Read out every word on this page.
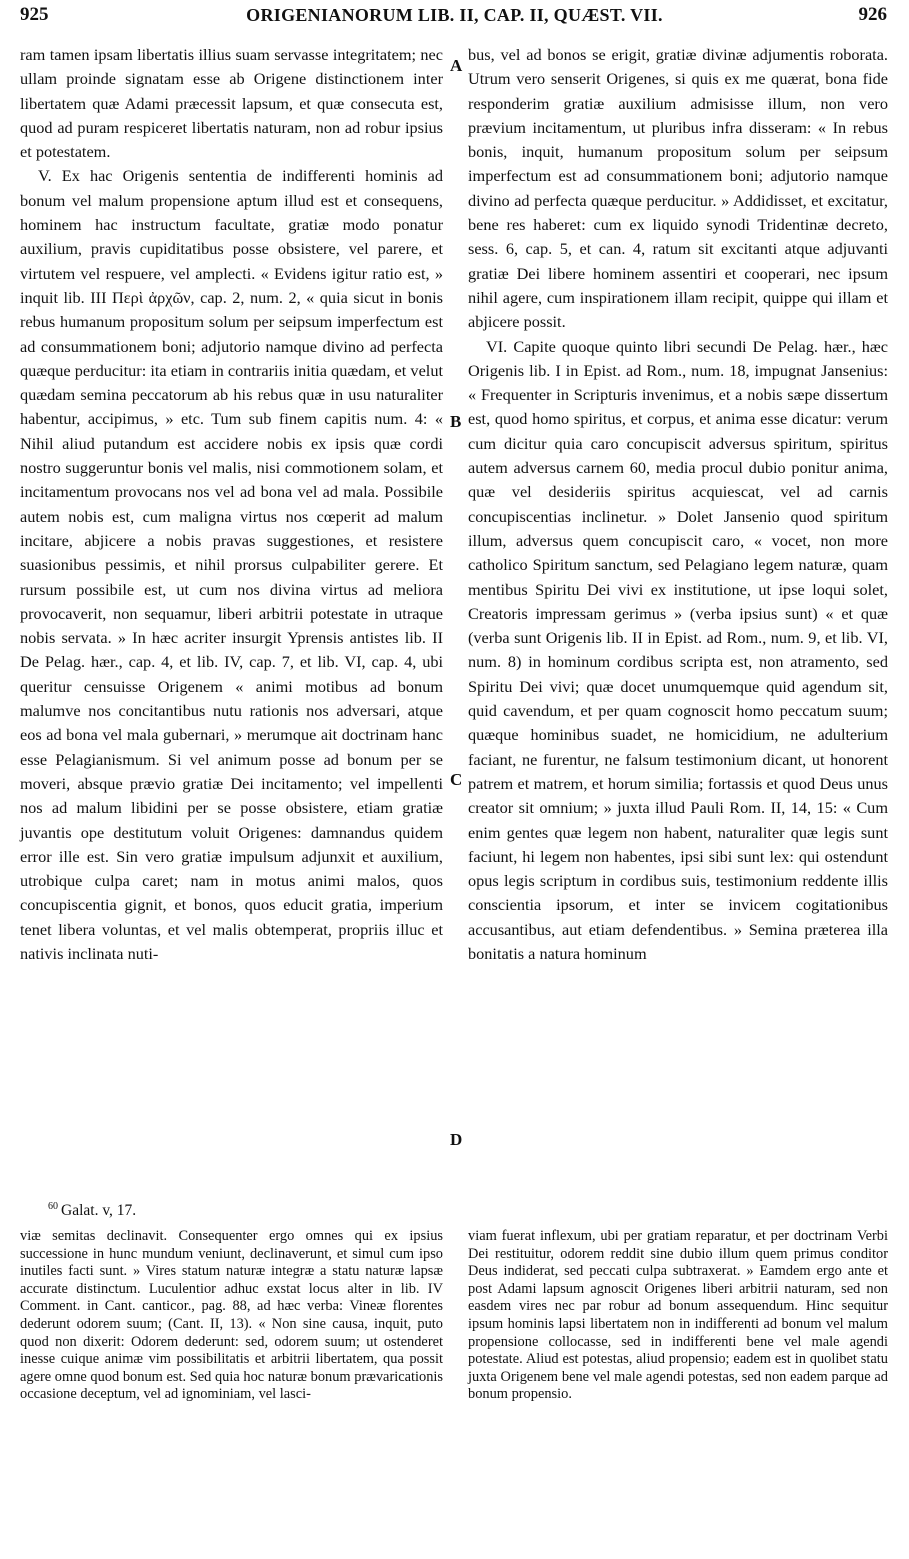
925	ORIGENIANORUM LIB. II, CAP. II, QUÆST. VII.	926

ram tamen ipsam libertatis illius suam servasse integritatem; nec ullam proinde signatam esse ab Origene distinctionem inter libertatem quæ Adami præcessit lapsum, et quæ consecuta est, quod ad puram respiceret libertatis naturam, non ad robur ipsius et potestatem.

V. Ex hac Origenis sententia de indifferenti hominis ad bonum vel malum propensione aptum illud est et consequens, hominem hac instructum facultate, gratiæ modo ponatur auxilium, pravis cupiditatibus posse obsistere, vel parere, et virtutem vel respuere, vel amplecti. « Evidens igitur ratio est, » inquit lib. III Περὶ ἀρχῶν, cap. 2, num. 2, « quia sicut in bonis rebus humanum propositum solum per seipsum imperfectum est ad consummationem boni; adjutorio namque divino ad perfecta quæque perducitur: ita etiam in contrariis initia quædam, et velut quædam semina peccatorum ab his rebus quæ in usu naturaliter habentur, accipimus, » etc. Tum sub finem capitis num. 4: « Nihil aliud putandum est accidere nobis ex ipsis quæ cordi nostro suggeruntur bonis vel malis, nisi commotionem solam, et incitamentum provocans nos vel ad bona vel ad mala. Possibile autem nobis est, cum maligna virtus nos cœperit ad malum incitare, abjicere a nobis pravas suggestiones, et resistere suasionibus pessimis, et nihil prorsus culpabiliter gerere. Et rursum possibile est, ut cum nos divina virtus ad meliora provocaverit, non sequamur, liberi arbitrii potestate in utraque nobis servata. » In hæc acriter insurgit Yprensis antistes lib. II De Pelag. hær., cap. 4, et lib. IV, cap. 7, et lib. VI, cap. 4, ubi queritur censuisse Origenem « animi motibus ad bonum malumve nos concitantibus nutu rationis nos adversari, atque eos ad bona vel mala gubernari, » merumque ait doctrinam hanc esse Pelagianismum. Si vel animum posse ad bonum per se moveri, absque prævio gratiæ Dei incitamento; vel impellenti nos ad malum libidini per se posse obsistere, etiam gratiæ juvantis ope destitutum voluit Origenes: damnandus quidem error ille est. Sin vero gratiæ impulsum adjunxit et auxilium, utrobique culpa caret; nam in motus animi malos, quos concupiscentia gignit, et bonos, quos educit gratia, imperium tenet libera voluntas, et vel malis obtemperat, propriis illuc et nativis inclinata nuti-

bus, vel ad bonos se erigit, gratiæ divinæ adjumentis roborata. Utrum vero senserit Origenes, si quis ex me quærat, bona fide responderim gratiæ auxilium admisisse illum, non vero prævium incitamentum, ut pluribus infra disseram: « In rebus bonis, inquit, humanum propositum solum per seipsum imperfectum est ad consummationem boni; adjutorio namque divino ad perfecta quæque perducitur. » Addidisset, et excitatur, bene res haberet: cum ex liquido synodi Tridentinæ decreto, sess. 6, cap. 5, et can. 4, ratum sit excitanti atque adjuvanti gratiæ Dei libere hominem assentiri et cooperari, nec ipsum nihil agere, cum inspirationem illam recipit, quippe qui illam et abjicere possit.

VI. Capite quoque quinto libri secundi De Pelag. hær., hæc Origenis lib. I in Epist. ad Rom., num. 18, impugnat Jansenius: « Frequenter in Scripturis invenimus, et a nobis sæpe dissertum est, quod homo spiritus, et corpus, et anima esse dicatur: verum cum dicitur quia caro concupiscit adversus spiritum, spiritus autem adversus carnem 60, media procul dubio ponitur anima, quæ vel desideriis spiritus acquiescat, vel ad carnis concupiscentias inclinetur. » Dolet Jansenio quod spiritum illum, adversus quem concupiscit caro, « vocet, non more catholico Spiritum sanctum, sed Pelagiano legem naturæ, quam mentibus Spiritu Dei vivi ex institutione, ut ipse loqui solet, Creatoris impressam gerimus » (verba ipsius sunt) « et quæ (verba sunt Origenis lib. II in Epist. ad Rom., num. 9, et lib. VI, num. 8) in hominum cordibus scripta est, non atramento, sed Spiritu Dei vivi; quæ docet unumquemque quid agendum sit, quid cavendum, et per quam cognoscit homo peccatum suum; quæque hominibus suadet, ne homicidium, ne adulterium faciant, ne furentur, ne falsum testimonium dicant, ut honorent patrem et matrem, et horum similia; fortassis et quod Deus unus creator sit omnium; » juxta illud Pauli Rom. II, 14, 15: « Cum enim gentes quæ legem non habent, naturaliter quæ legis sunt faciunt, hi legem non habentes, ipsi sibi sunt lex: qui ostendunt opus legis scriptum in cordibus suis, testimonium reddente illis conscientia ipsorum, et inter se invicem cogitationibus accusantibus, aut etiam defendentibus. » Semina præterea illa bonitatis a natura hominum

A
B
C
D
$^{60}$ Galat. v, 17.

viæ semitas declinavit. Consequenter ergo omnes qui ex ipsius successione in hunc mundum veniunt, declinaverunt, et simul cum ipso inutiles facti sunt. » Vires statum naturæ integræ a statu naturæ lapsæ accurate distinctum. Luculentior adhuc exstat locus alter in lib. IV Comment. in Cant. canticor., pag. 88, ad hæc verba: Vineæ florentes dederunt odorem suum; (Cant. II, 13). « Non sine causa, inquit, puto quod non dixerit: Odorem dederunt: sed, odorem suum; ut ostenderet inesse cuique animæ vim possibilitatis et arbitrii libertatem, qua possit agere omne quod bonum est. Sed quia hoc naturæ bonum prævaricationis occasione deceptum, vel ad ignominiam, vel lasci-

viam fuerat inflexum, ubi per gratiam reparatur, et per doctrinam Verbi Dei restituitur, odorem reddit sine dubio illum quem primus conditor Deus indiderat, sed peccati culpa subtraxerat. » Eamdem ergo ante et post Adami lapsum agnoscit Origenes liberi arbitrii naturam, sed non easdem vires nec par robur ad bonum assequendum. Hinc sequitur ipsum hominis lapsi libertatem non in indifferenti ad bonum vel malum propensione collocasse, sed in indifferenti bene vel male agendi potestate. Aliud est potestas, aliud propensio; eadem est in quolibet statu juxta Origenem bene vel male agendi potestas, sed non eadem parque ad bonum propensio.
